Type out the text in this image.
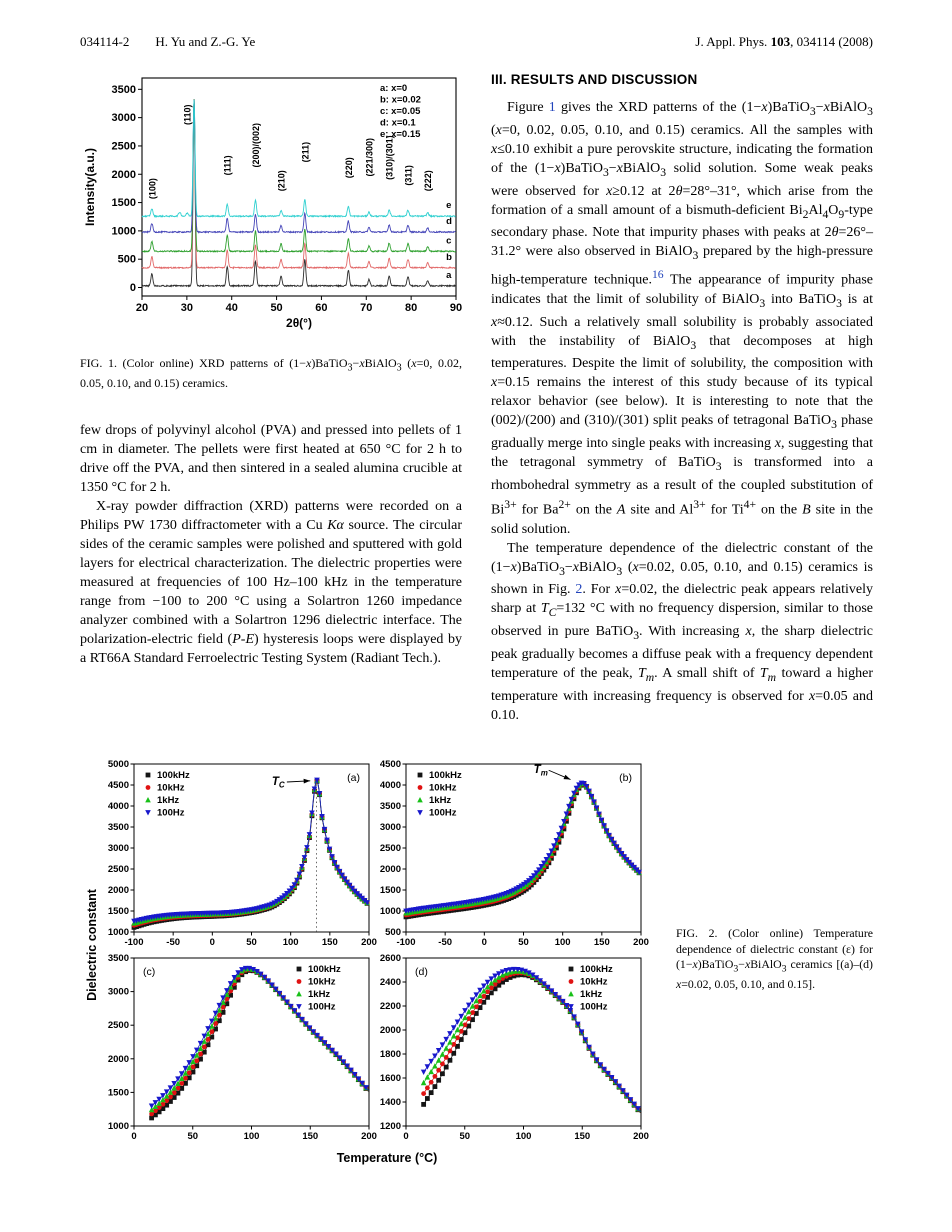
034114-2 H. Yu and Z.-G. Ye	J. Appl. Phys. 103, 034114 (2008)
20	30	40	50	60	70	80	90
0
500
1000
1500
2000
2500
3000
3500
2θ(°)
Intensity(a.u.)
a
b
c
d
e
(100)
(110)
(111) (200)/(002)
(210)
(211)
(220) (221/300) (310)/(301) (311) (222)
a: x=0
b: x=0.02
c: x=0.05
d: x=0.1
e: x=0.15
FIG. 1. (Color online) XRD patterns of (1−x)BaTiO$_3$−xBiAlO$_3$ (x=0, 0.02, 0.05, 0.10, and 0.15) ceramics.

few drops of polyvinyl alcohol (PVA) and pressed into pellets of 1 cm in diameter. The pellets were first heated at 650 °C for 2 h to drive off the PVA, and then sintered in a sealed alumina crucible at 1350 °C for 2 h.

X-ray powder diffraction (XRD) patterns were recorded on a Philips PW 1730 diffractometer with a Cu Kα source. The circular sides of the ceramic samples were polished and sputtered with gold layers for electrical characterization. The dielectric properties were measured at frequencies of 100 Hz–100 kHz in the temperature range from −100 to 200 °C using a Solartron 1260 impedance analyzer combined with a Solartron 1296 dielectric interface. The polarization-electric field (P-E) hysteresis loops were displayed by a RT66A Standard Ferroelectric Testing System (Radiant Tech.).

III. RESULTS AND DISCUSSION

Figure 1 gives the XRD patterns of the (1−x)BaTiO$_3$−xBiAlO$_3$ (x=0, 0.02, 0.05, 0.10, and 0.15) ceramics. All the samples with x≤0.10 exhibit a pure perovskite structure, indicating the formation of the (1−x)BaTiO$_3$−xBiAlO$_3$ solid solution. Some weak peaks were observed for x≥0.12 at 2θ=28°–31°, which arise from the formation of a small amount of a bismuth-deficient $Bi_2Al_4O_9$-type secondary phase. Note that impurity phases with peaks at 2θ=26°–31.2° were also observed in BiAlO$_3$ prepared by the high-pressure high-temperature technique.$^{16}$ The appearance of impurity phase indicates that the limit of solubility of BiAlO$_3$ into BaTiO$_3$ is at x≈0.12. Such a relatively small solubility is probably associated with the instability of BiAlO$_3$ that decomposes at high temperatures. Despite the limit of solubility, the composition with x=0.15 remains the interest of this study because of its typical relaxor behavior (see below). It is interesting to note that the (002)/(200) and (310)/(301) split peaks of tetragonal BaTiO$_3$ phase gradually merge into single peaks with increasing x, suggesting that the tetragonal symmetry of BaTiO$_3$ is transformed into a rhombohedral symmetry as a result of the coupled substitution of $Bi^{3+}$ for $Ba^{2+}$ on the A site and $Al^{3+}$ for $Ti^{4+}$ on the B site in the solid solution.

The temperature dependence of the dielectric constant of the (1−x)BaTiO$_3$−xBiAlO$_3$ (x=0.02, 0.05, 0.10, and 0.15) ceramics is shown in Fig. 2. For x=0.02, the dielectric peak appears relatively sharp at $T_C=132$ °C with no frequency dispersion, similar to those observed in pure BaTiO$_3$. With increasing x, the sharp dielectric peak gradually becomes a diffuse peak with a frequency dependent temperature of the peak, $T_m$. A small shift of $T_m$ toward a higher temperature with increasing frequency is observed for x=0.05 and 0.10.

-100 -50	0	50	100 150 200
1000
1500
2000
2500
3000
3500
4000
4500
5000
100kHz
10kHz
1kHz
100Hz
(a)
$T_C$
-100 -50	0	50	100 150 200
500
1000
1500
2000
2500
3000
3500
4000
4500
100kHz
10kHz
1kHz
100Hz
(b)
$T_m$
0	50	100	150	200
1000
1500
2000
2500
3000
3500
100kHz
10kHz
1kHz
100Hz
(c)
0	50	100	150	200
1200
1400
1600
1800
2000
2200
2400
2600
100kHz
10kHz
1kHz
100Hz
(d)
Temperature (°C)
Dielectric constant	FIG. 2. (Color online) Temperature dependence of dielectric constant (ε) for (1−x)BaTiO$_3$−xBiAlO$_3$ ceramics [(a)–(d) x=0.02, 0.05, 0.10, and 0.15].
